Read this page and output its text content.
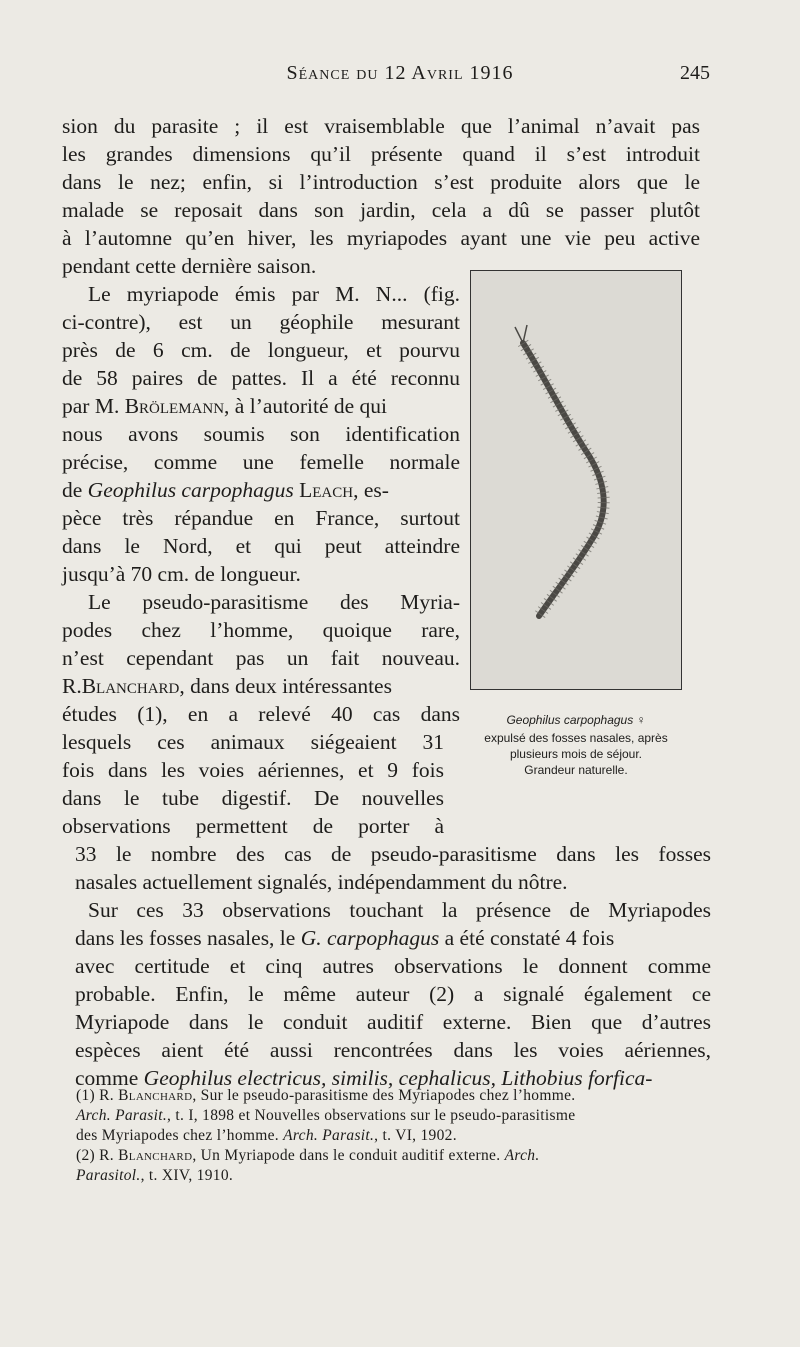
Séance du 12 Avril 1916	245
sion du parasite ; il est vraisemblable que l’animal n’avait pas
les grandes dimensions qu’il présente quand il s’est introduit
dans le nez; enfin, si l’introduction s’est produite alors que le
malade se reposait dans son jardin, cela a dû se passer plutôt
à l’automne qu’en hiver, les myriapodes ayant une vie peu active
pendant cette dernière saison.
Le myriapode émis par M. N... (fig.
ci-contre), est un géophile mesurant
près de 6 cm. de longueur, et pourvu
de 58 paires de pattes. Il a été reconnu
par M. Brölemann, à l’autorité de qui
nous avons soumis son identification
précise, comme une femelle normale
de Geophilus carpophagus Leach, es-
pèce très répandue en France, surtout
dans le Nord, et qui peut atteindre
jusqu’à 70 cm. de longueur.
Le pseudo-parasitisme des Myria-
podes chez l’homme, quoique rare,
n’est cependant pas un fait nouveau.
R.Blanchard, dans deux intéressantes
études (1), en a relevé 40 cas dans
lesquels ces animaux siégeaient 31
fois dans les voies aériennes, et 9 fois
dans le tube digestif. De nouvelles
observations permettent de porter à
33 le nombre des cas de pseudo-parasitisme dans les fosses
nasales actuellement signalés, indépendamment du nôtre.
Sur ces 33 observations touchant la présence de Myriapodes
dans les fosses nasales, le G. carpophagus a été constaté 4 fois
avec certitude et cinq autres observations le donnent comme
probable. Enfin, le même auteur (2) a signalé également ce
Myriapode dans le conduit auditif externe. Bien que d’autres
espèces aient été aussi rencontrées dans les voies aériennes,
comme Geophilus electricus, similis, cephalicus, Lithobius forfica-
Geophilus carpophagus ♀
expulsé des fosses nasales, après
plusieurs mois de séjour.
Grandeur naturelle.
(1) R. Blanchard, Sur le pseudo-parasitisme des Myriapodes chez l’homme.
Arch. Parasit., t. I, 1898 et Nouvelles observations sur le pseudo-parasitisme
des Myriapodes chez l’homme. Arch. Parasit., t. VI, 1902.
(2) R. Blanchard, Un Myriapode dans le conduit auditif externe. Arch.
Parasitol., t. XIV, 1910.
